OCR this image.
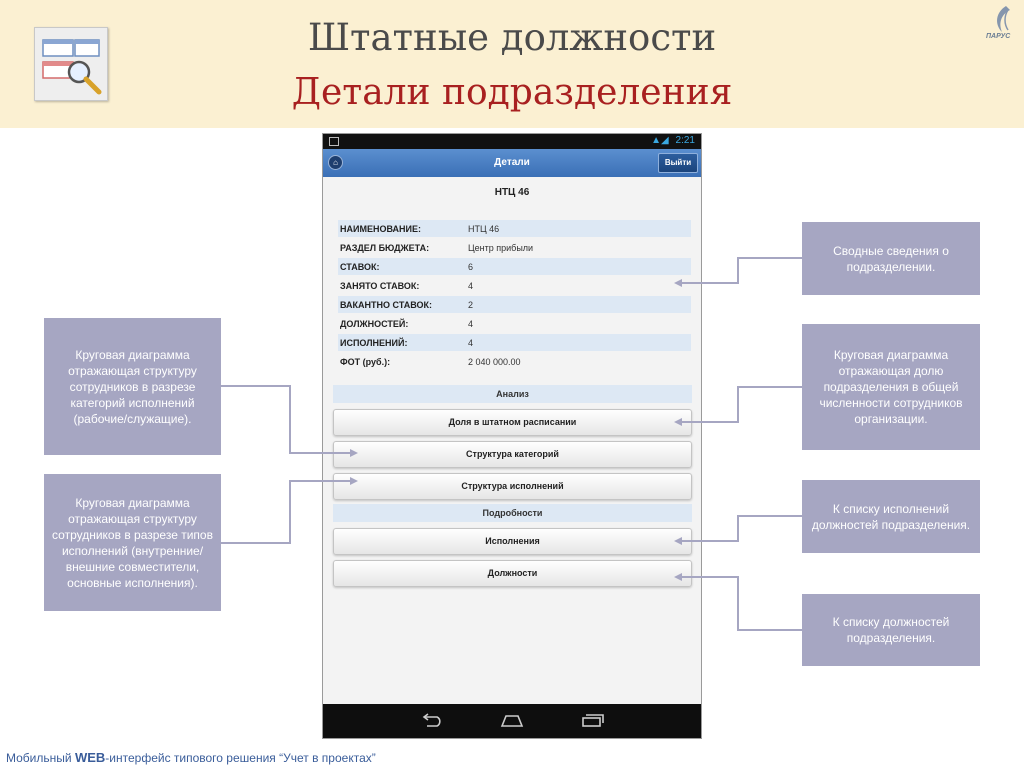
Штатные должности
Детали подразделения
ПАРУС
▲◢ 2:21
⌂	Детали	Выйти
НТЦ 46
НАИМЕНОВАНИЕ:	НТЦ 46
РАЗДЕЛ БЮДЖЕТА:	Центр прибыли
СТАВОК:	6
ЗАНЯТО СТАВОК:	4
ВАКАНТНО СТАВОК:	2
ДОЛЖНОСТЕЙ:	4
ИСПОЛНЕНИЙ:	4
ФОТ (руб.):	2 040 000.00
Анализ
Доля в штатном расписании
Структура категорий
Структура исполнений
Подробности
Исполнения
Должности
Сводные сведения о подразделении.
Круговая диаграмма отражающая долю подразделения в общей численности сотрудников организации.
К списку исполнений должностей подразделения.
К списку должностей подразделения.
Круговая диаграмма отражающая структуру сотрудников в разрезе категорий исполнений (рабочие/служащие).
Круговая диаграмма отражающая структуру сотрудников в разрезе типов исполнений (внутренние/внешние совместители, основные исполнения).
Мобильный WEB-интерфейс типового решения “Учет в проектах”
